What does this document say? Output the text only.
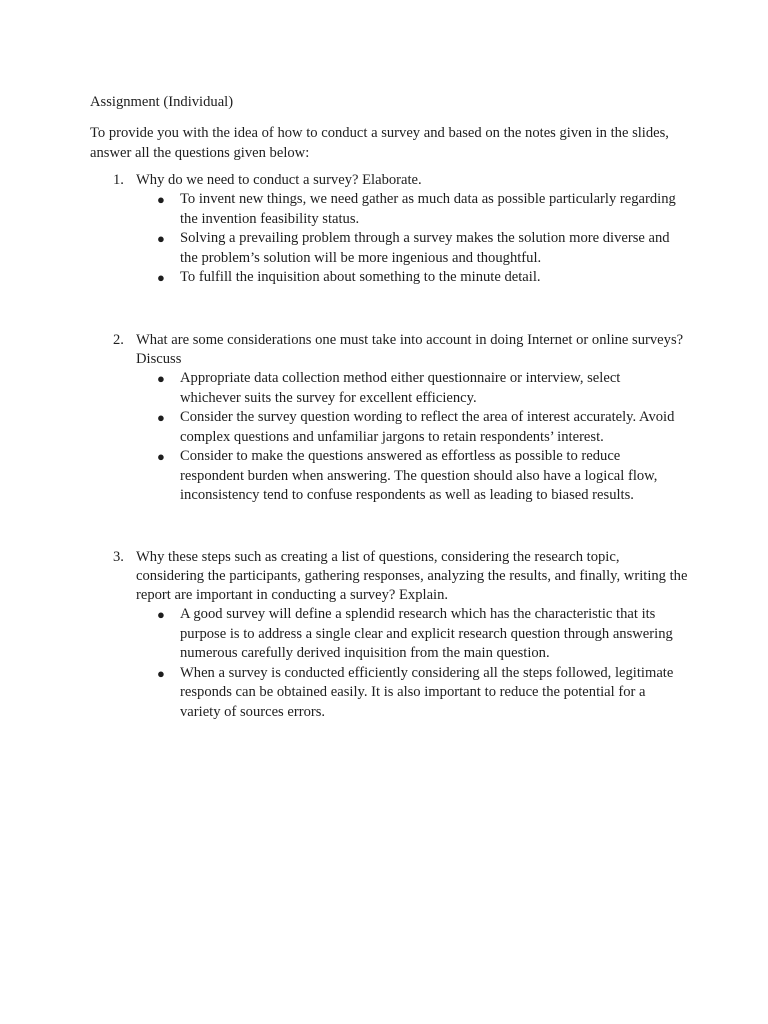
Assignment (Individual)
To provide you with the idea of how to conduct a survey and based on the notes given in the slides, answer all the questions given below:
1. Why do we need to conduct a survey? Elaborate.
● To invent new things, we need gather as much data as possible particularly regarding the invention feasibility status.
● Solving a prevailing problem through a survey makes the solution more diverse and the problem’s solution will be more ingenious and thoughtful.
● To fulfill the inquisition about something to the minute detail.
2. What are some considerations one must take into account in doing Internet or online surveys? Discuss
● Appropriate data collection method either questionnaire or interview, select whichever suits the survey for excellent efficiency.
● Consider the survey question wording to reflect the area of interest accurately. Avoid complex questions and unfamiliar jargons to retain respondents’ interest.
● Consider to make the questions answered as effortless as possible to reduce respondent burden when answering. The question should also have a logical flow, inconsistency tend to confuse respondents as well as leading to biased results.
3. Why these steps such as creating a list of questions, considering the research topic, considering the participants, gathering responses, analyzing the results, and finally, writing the report are important in conducting a survey? Explain.
● A good survey will define a splendid research which has the characteristic that its purpose is to address a single clear and explicit research question through answering numerous carefully derived inquisition from the main question.
● When a survey is conducted efficiently considering all the steps followed, legitimate responds can be obtained easily. It is also important to reduce the potential for a variety of sources errors.
